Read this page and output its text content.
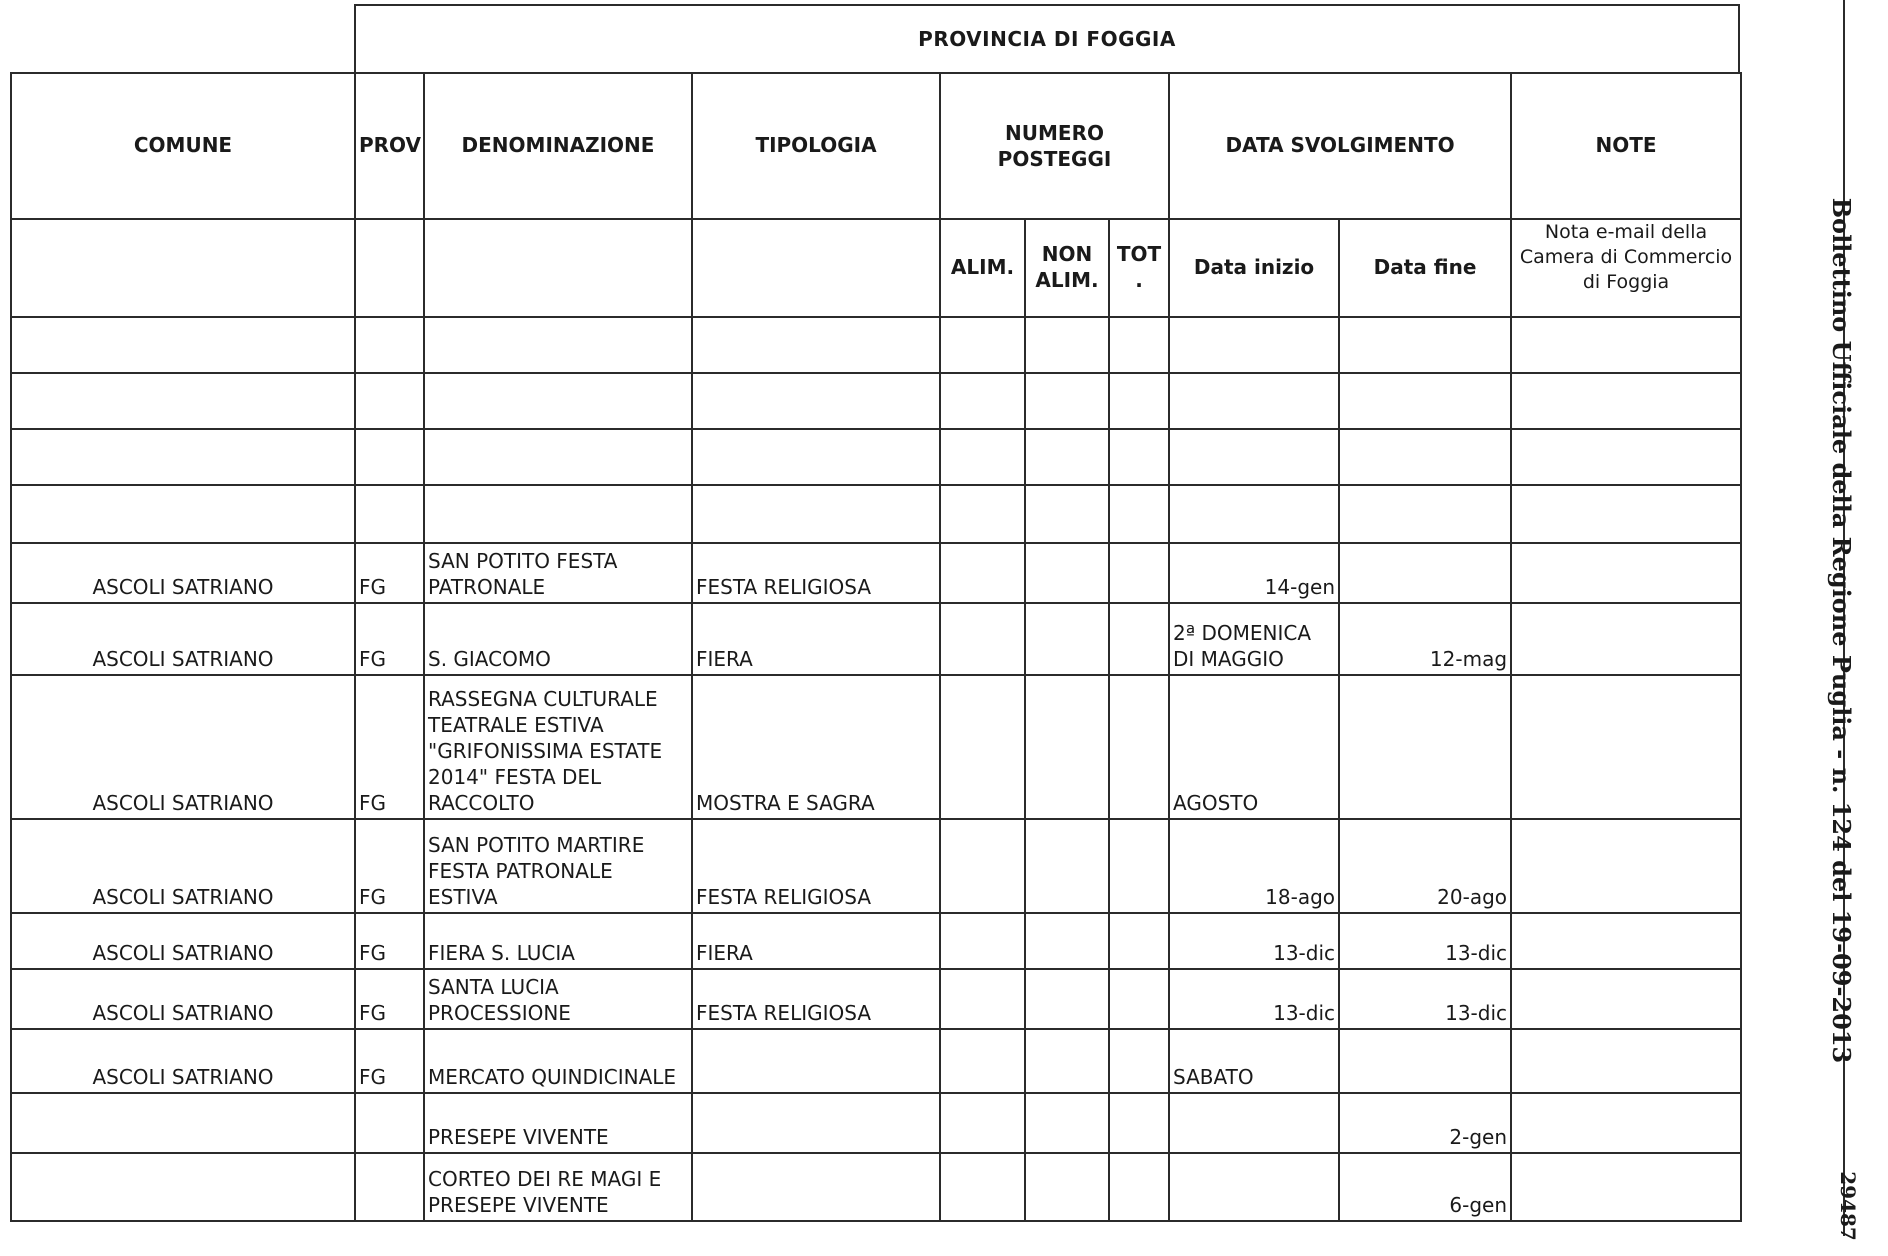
PROVINCIA DI FOGGIA
COMUNE	PROV	DENOMINAZIONE	TIPOLOGIA	NUMERO POSTEGGI			DATA SVOLGIMENTO		NOTE
				ALIM.	NON ALIM.	TOT .	Data inizio	Data fine	Nota e-mail della Camera di Commercio di Foggia

ASCOLI SATRIANO	FG	SAN POTITO FESTA PATRONALE	FESTA RELIGIOSA				14-gen		
ASCOLI SATRIANO	FG	S. GIACOMO	FIERA				2ª DOMENICA DI MAGGIO	12-mag	
ASCOLI SATRIANO	FG	RASSEGNA CULTURALE TEATRALE ESTIVA "GRIFONISSIMA ESTATE 2014" FESTA DEL RACCOLTO	MOSTRA E SAGRA				AGOSTO		
ASCOLI SATRIANO	FG	SAN POTITO MARTIRE FESTA PATRONALE ESTIVA	FESTA RELIGIOSA				18-ago	20-ago	
ASCOLI SATRIANO	FG	FIERA S. LUCIA	FIERA				13-dic	13-dic	
ASCOLI SATRIANO	FG	SANTA LUCIA PROCESSIONE	FESTA RELIGIOSA				13-dic	13-dic	
ASCOLI SATRIANO	FG	MERCATO QUINDICINALE					SABATO		
		PRESEPE VIVENTE						2-gen	
		CORTEO DEI RE MAGI E PRESEPE VIVENTE						6-gen	
Bollettino Ufficiale della Regione Puglia - n. 124 del 19-09-2013
29487
